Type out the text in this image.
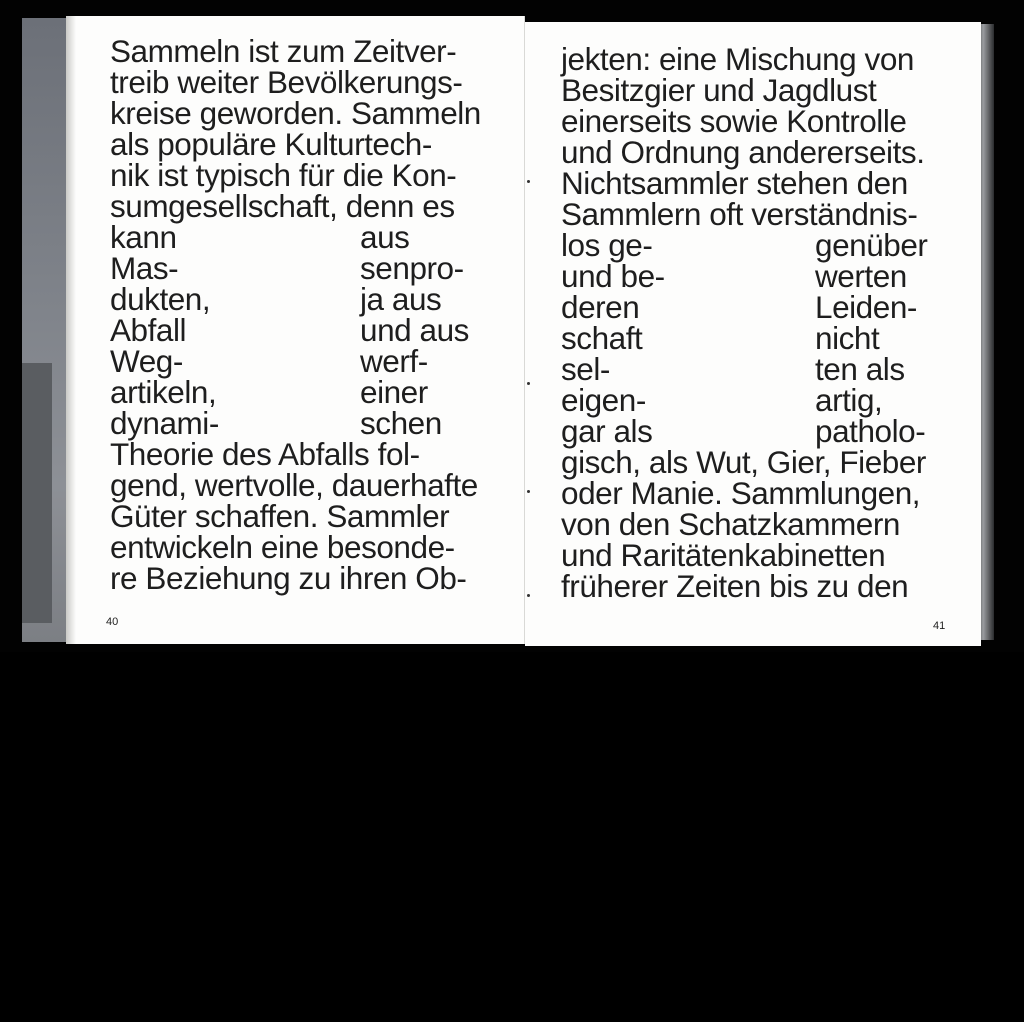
Sammeln ist zum Zeitver-
treib weiter Bevölkerungs-
kreise geworden. Sammeln
als populäre Kulturtech-
nik ist typisch für die Kon-
sumgesellschaft, denn es
kann	aus
Mas-	senpro-
dukten,	ja aus
Abfall	und aus
Weg-	werf-
artikeln,	einer
dynami-	schen
Theorie des Abfalls fol-
gend, wertvolle, dauerhafte
Güter schaffen. Sammler
entwickeln eine besonde-
re Beziehung zu ihren Ob-
40
jekten: eine Mischung von
Besitzgier und Jagdlust
einerseits sowie Kontrolle
und Ordnung andererseits.
Nichtsammler stehen den
Sammlern oft verständnis-
los ge-	genüber
und be-	werten
deren	Leiden-
schaft	nicht
sel-	ten als
eigen-	artig,
gar als	patholo-
gisch, als Wut, Gier, Fieber
oder Manie. Sammlungen,
von den Schatzkammern
und Raritätenkabinetten
früherer Zeiten bis zu den
41
